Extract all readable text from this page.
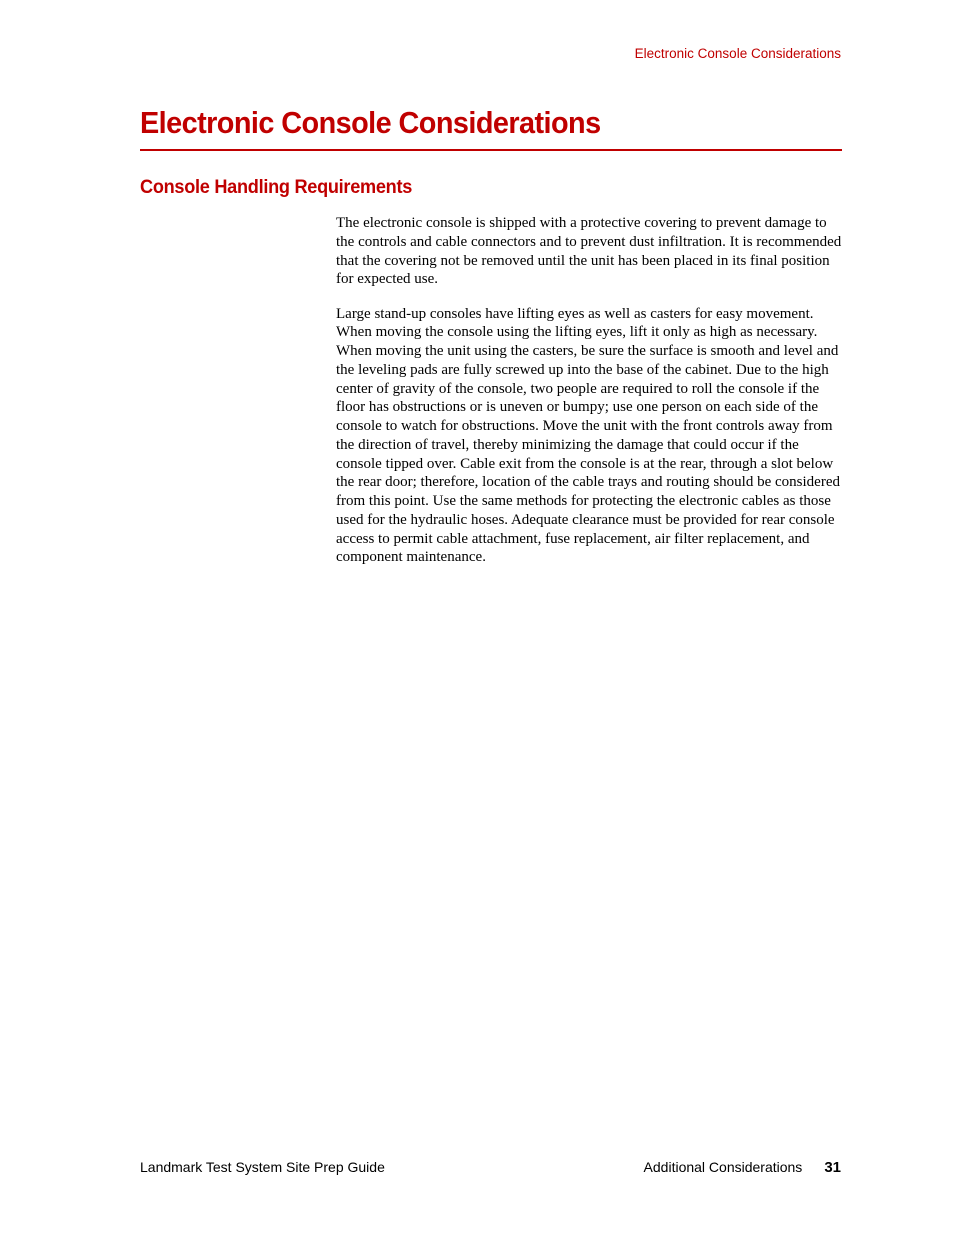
Electronic Console Considerations
Electronic Console Considerations
Console Handling Requirements

The electronic console is shipped with a protective covering to prevent damage to the controls and cable connectors and to prevent dust infiltration. It is recommended that the covering not be removed until the unit has been placed in its final position for expected use.

Large stand-up consoles have lifting eyes as well as casters for easy movement. When moving the console using the lifting eyes, lift it only as high as necessary. When moving the unit using the casters, be sure the surface is smooth and level and the leveling pads are fully screwed up into the base of the cabinet. Due to the high center of gravity of the console, two people are required to roll the console if the floor has obstructions or is uneven or bumpy; use one person on each side of the console to watch for obstructions. Move the unit with the front controls away from the direction of travel, thereby minimizing the damage that could occur if the console tipped over. Cable exit from the console is at the rear, through a slot below the rear door; therefore, location of the cable trays and routing should be considered from this point. Use the same methods for protecting the electronic cables as those used for the hydraulic hoses. Adequate clearance must be provided for rear console access to permit cable attachment, fuse replacement, air filter replacement, and component maintenance.

Landmark Test System Site Prep Guide	Additional Considerations 31
